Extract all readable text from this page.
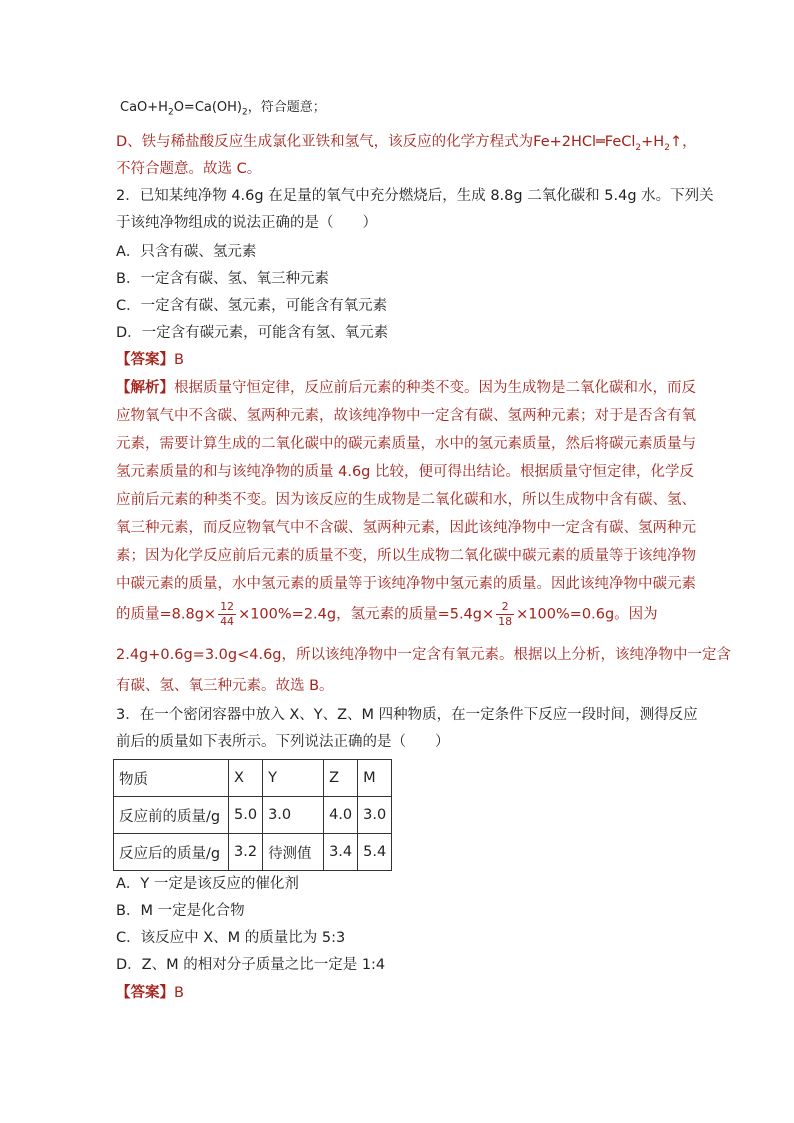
$CaO+H_2O=Ca(OH)_2$，符合题意；
D、铁与稀盐酸反应生成氯化亚铁和氢气，该反应的化学方程式为$Fe+2HCl═FeCl_2+H_2↑$，
不符合题意。故选 C。
2．已知某纯净物 4.6g 在足量的氧气中充分燃烧后，生成 8.8g 二氧化碳和 5.4g 水。下列关
于该纯净物组成的说法正确的是（　　）
A．只含有碳、氢元素
B．一定含有碳、氢、氧三种元素
C．一定含有碳、氢元素，可能含有氧元素
D．一定含有碳元素，可能含有氢、氧元素
【答案】B
【解析】根据质量守恒定律，反应前后元素的种类不变。因为生成物是二氧化碳和水，而反
应物氧气中不含碳、氢两种元素，故该纯净物中一定含有碳、氢两种元素；对于是否含有氧
元素，需要计算生成的二氧化碳中的碳元素质量，水中的氢元素质量，然后将碳元素质量与
氢元素质量的和与该纯净物的质量 4.6g 比较，便可得出结论。根据质量守恒定律，化学反
应前后元素的种类不变。因为该反应的生成物是二氧化碳和水，所以生成物中含有碳、氢、
氧三种元素，而反应物氧气中不含碳、氢两种元素，因此该纯净物中一定含有碳、氢两种元
素；因为化学反应前后元素的质量不变，所以生成物二氧化碳中碳元素的质量等于该纯净物
中碳元素的质量，水中氢元素的质量等于该纯净物中氢元素的质量。因此该纯净物中碳元素
的质量$=8.8g\times \frac{12}{44} \times 100\%=2.4g$，氢元素的质量$=5.4g\times \frac{2}{18} \times 100\%=0.6g$。因为
2.4g+0.6g=3.0g<4.6g，所以该纯净物中一定含有氧元素。根据以上分析，该纯净物中一定含
有碳、氢、氧三种元素。故选 B。
3．在一个密闭容器中放入 X、Y、Z、M 四种物质，在一定条件下反应一段时间，测得反应
前后的质量如下表所示。下列说法正确的是（　　）
物质	X	Y	Z	M
反应前的质量/g	5.0	3.0	4.0	3.0
反应后的质量/g	3.2	待测值	3.4	5.4
A．Y 一定是该反应的催化剂
B．M 一定是化合物
C．该反应中 X、M 的质量比为 5:3
D．Z、M 的相对分子质量之比一定是 1:4
【答案】B
